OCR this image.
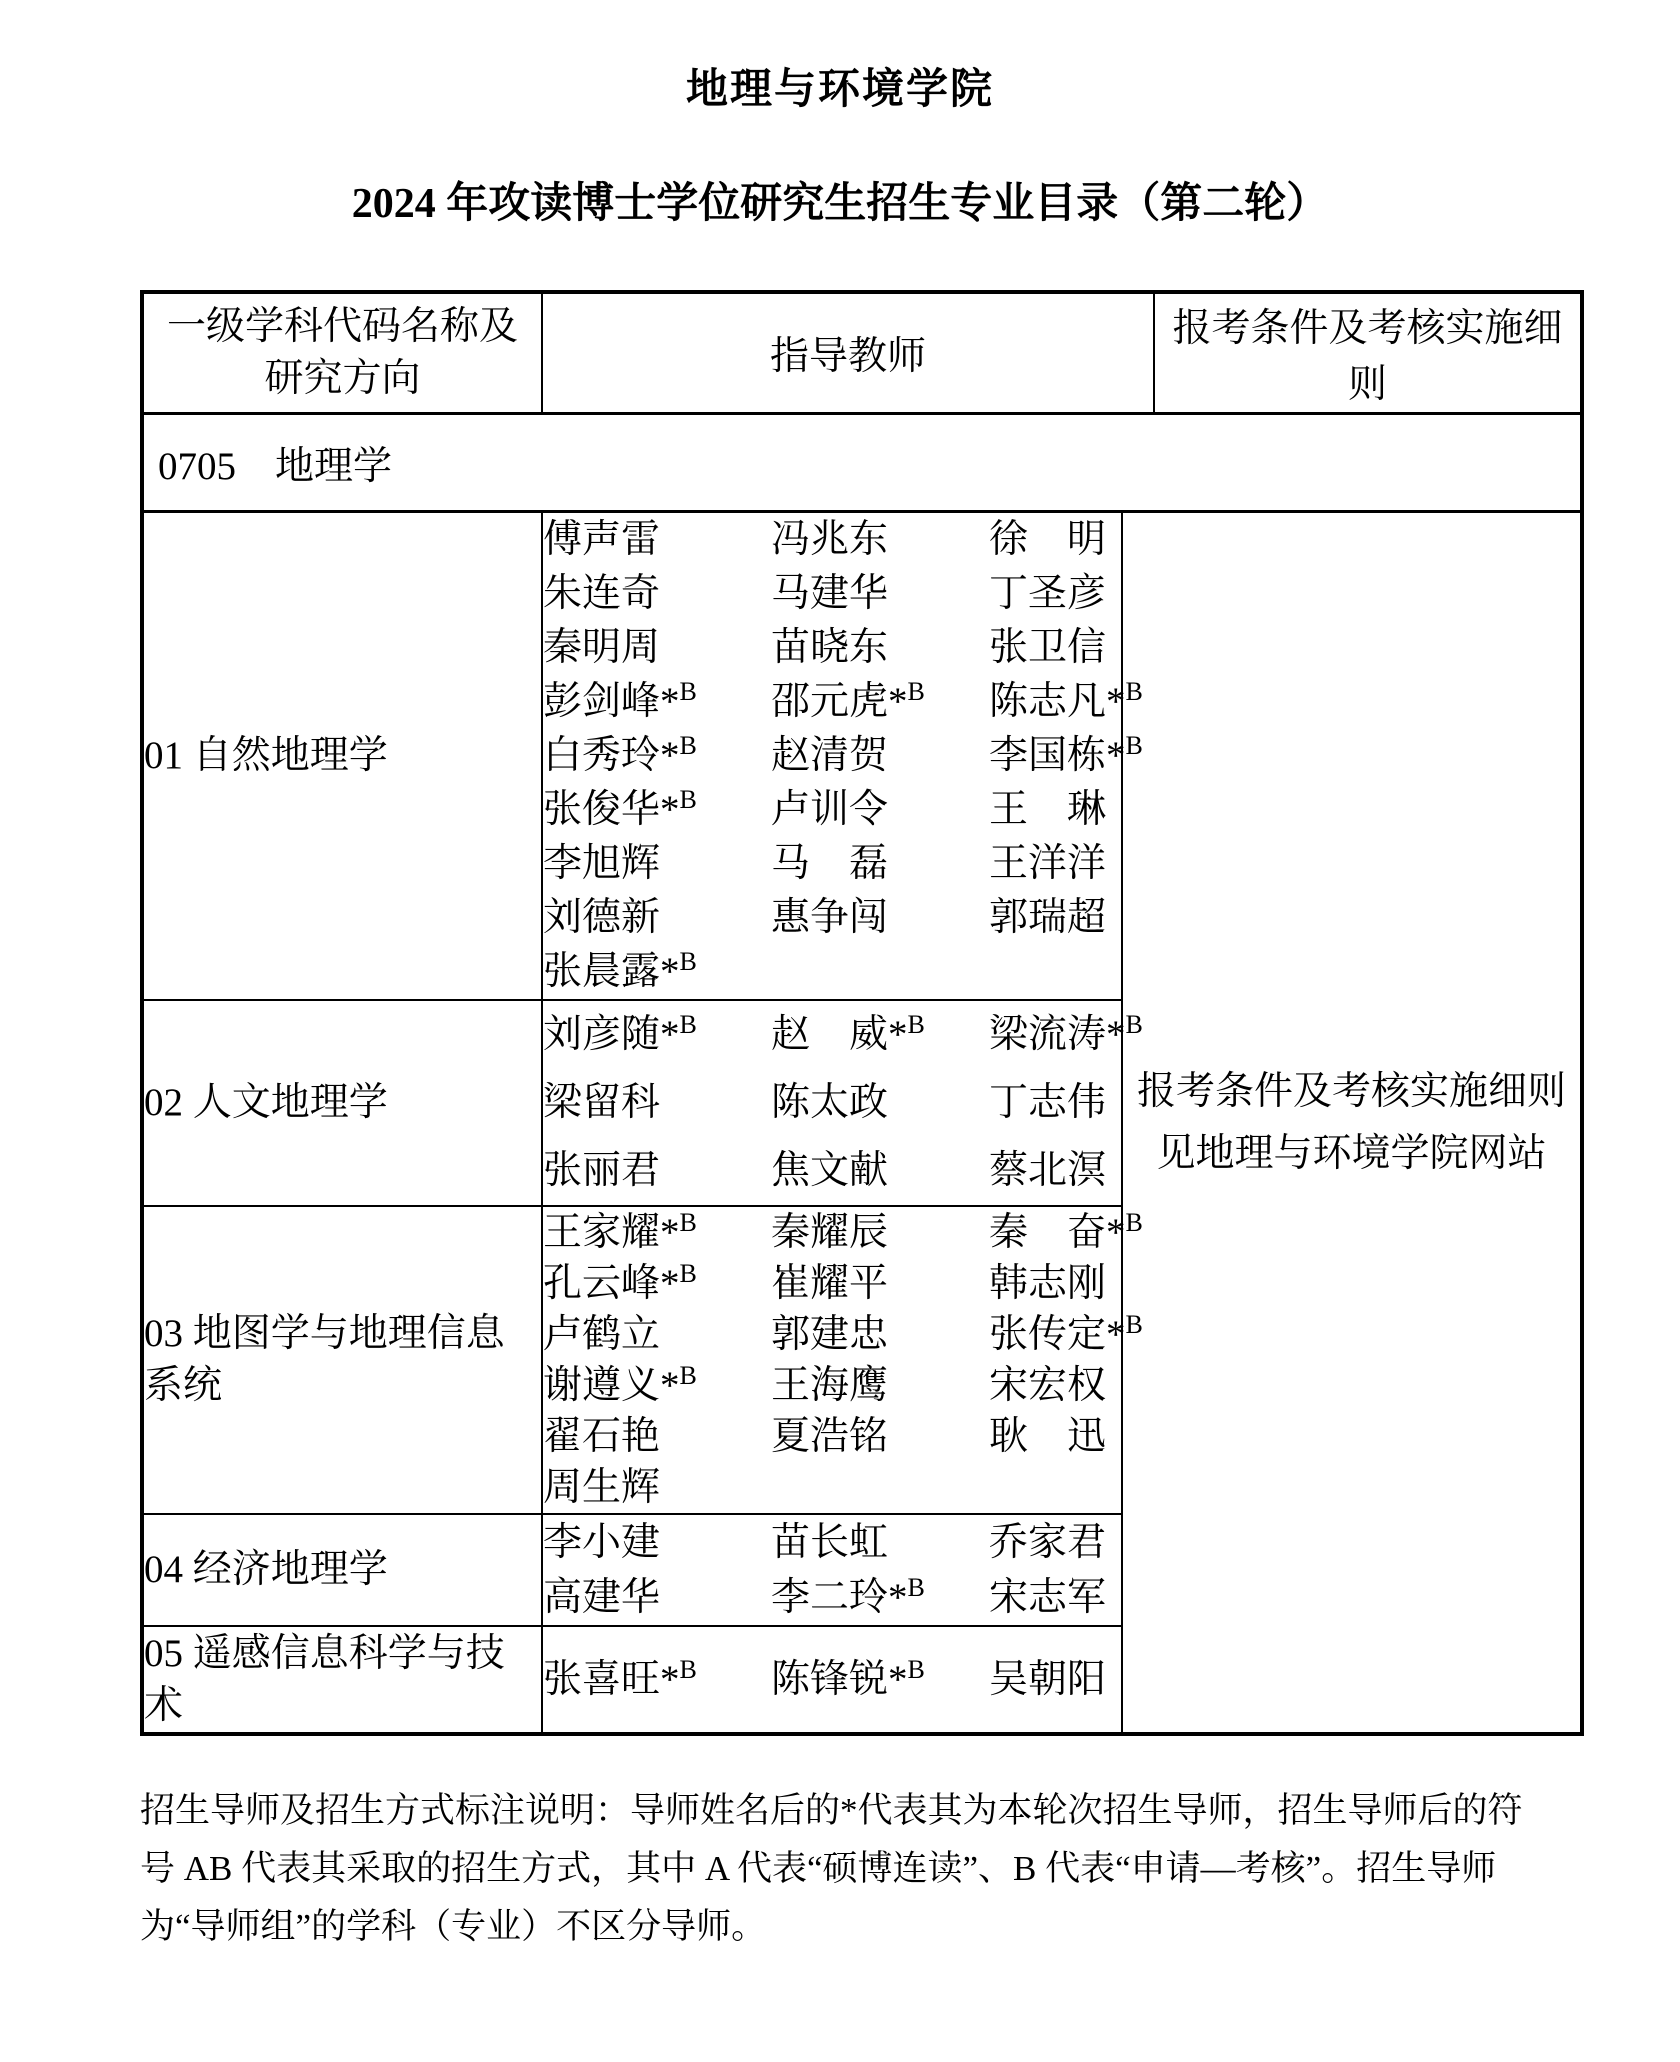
地理与环境学院
2024 年攻读博士学位研究生招生专业目录（第二轮）
一级学科代码名称及
研究方向	指导教师		报考条件及考核实施细则
0705　地理学			
01 自然地理学	
傅声雷	冯兆东	徐　明
朱连奇	马建华	丁圣彦
秦明周	苗晓东	张卫信
彭剑峰*$^B$	邵元虎*$^B$	陈志凡*$^B$
白秀玲*$^B$	赵清贺	李国栋*$^B$
张俊华*$^B$	卢训令	王　琳
李旭辉	马　磊	王洋洋
刘德新	惠争闯	郭瑞超
张晨露*$^B$

报考条件及考核实施细则
见地理与环境学院网站

02 人文地理学	
刘彦随*$^B$	赵　威*$^B$	梁流涛*$^B$
梁留科	陈太政	丁志伟
张丽君	焦文献	蔡北溟

03 地图学与地理信息系统	
王家耀*$^B$	秦耀辰	秦　奋*$^B$
孔云峰*$^B$	崔耀平	韩志刚
卢鹤立	郭建忠	张传定*$^B$
谢遵义*$^B$	王海鹰	宋宏权
翟石艳	夏浩铭	耿　迅
周生辉

04 经济地理学	
李小建	苗长虹	乔家君
高建华	李二玲*$^B$	宋志军

05 遥感信息科学与技术	张喜旺*$^B$ 陈锋锐*$^B$ 吴朝阳		
招生导师及招生方式标注说明：导师姓名后的*代表其为本轮次招生导师，招生导师后的符
号 AB 代表其采取的招生方式，其中 A 代表“硕博连读”、B 代表“申请—考核”。招生导师
为“导师组”的学科（专业）不区分导师。
